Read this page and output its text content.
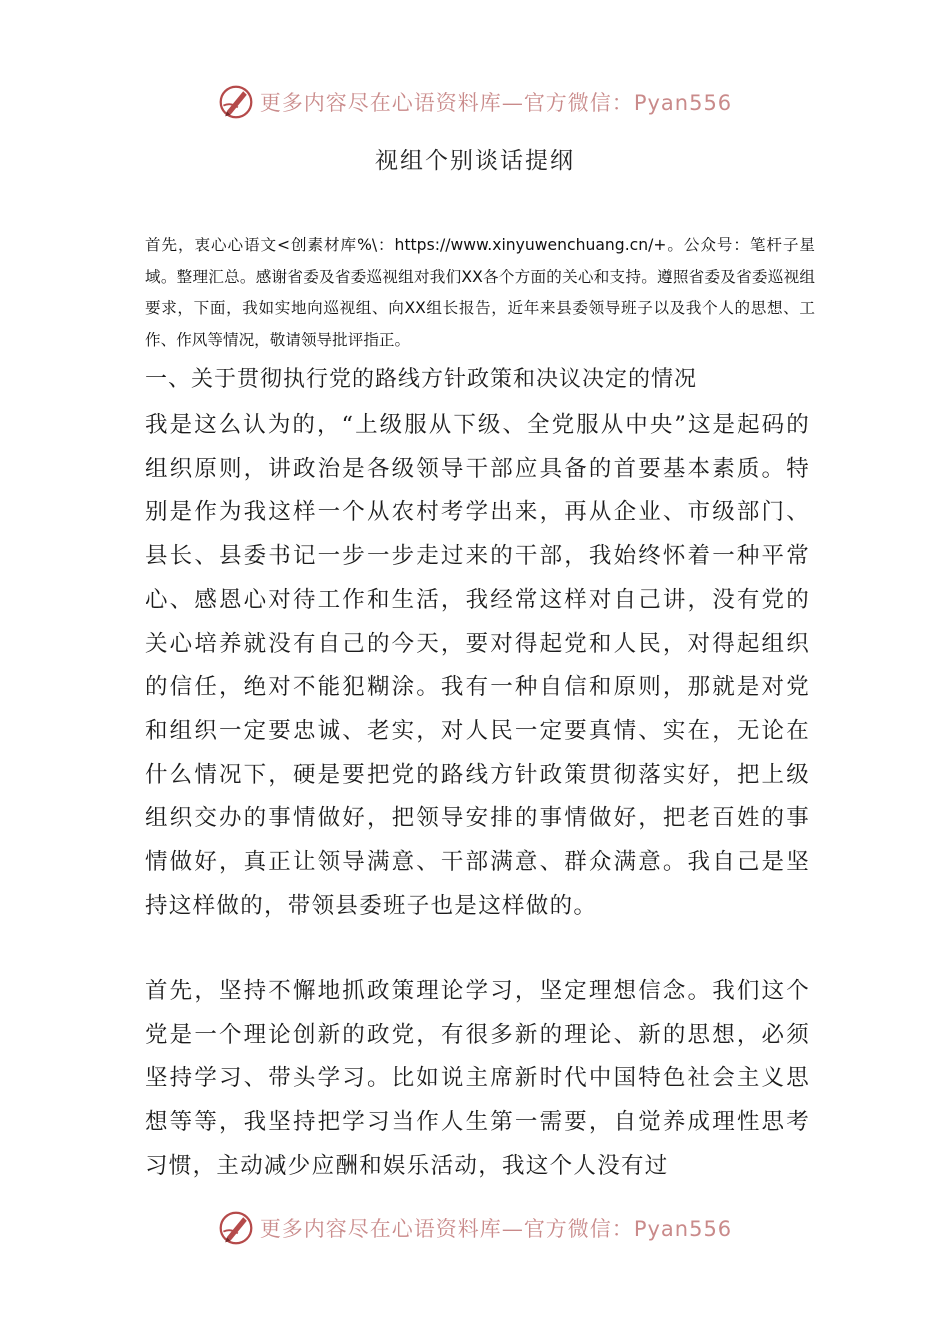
更多内容尽在心语资料库—官方微信：Pyan556
视组个别谈话提纲
首先，衷心心语文<创素材库%\：https://www.xinyuwenchuang.cn/+。公众号：笔杆子星域。整理汇总。感谢省委及省委巡视组对我们XX各个方面的关心和支持。遵照省委及省委巡视组要求，下面，我如实地向巡视组、向XX组长报告，近年来县委领导班子以及我个人的思想、工作、作风等情况，敬请领导批评指正。
一、关于贯彻执行党的路线方针政策和决议决定的情况
我是这么认为的，“上级服从下级、全党服从中央”这是起码的组织原则，讲政治是各级领导干部应具备的首要基本素质。特别是作为我这样一个从农村考学出来，再从企业、市级部门、县长、县委书记一步一步走过来的干部，我始终怀着一种平常心、感恩心对待工作和生活，我经常这样对自己讲，没有党的关心培养就没有自己的今天，要对得起党和人民，对得起组织的信任，绝对不能犯糊涂。我有一种自信和原则，那就是对党和组织一定要忠诚、老实，对人民一定要真情、实在，无论在什么情况下，硬是要把党的路线方针政策贯彻落实好，把上级组织交办的事情做好，把领导安排的事情做好，把老百姓的事情做好，真正让领导满意、干部满意、群众满意。我自己是坚持这样做的，带领县委班子也是这样做的。
首先，坚持不懈地抓政策理论学习，坚定理想信念。我们这个党是一个理论创新的政党，有很多新的理论、新的思想，必须坚持学习、带头学习。比如说主席新时代中国特色社会主义思想等等，我坚持把学习当作人生第一需要，自觉养成理性思考习惯，主动减少应酬和娱乐活动，我这个人没有过
更多内容尽在心语资料库—官方微信：Pyan556
